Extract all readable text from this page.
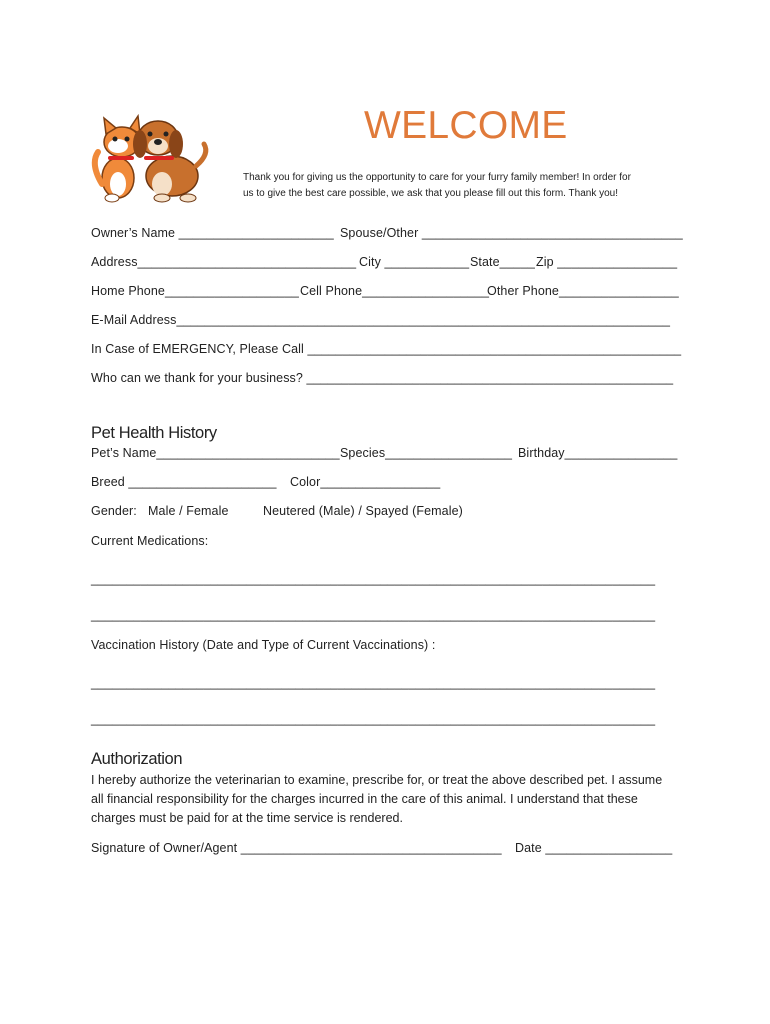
WELCOME
Thank you for giving us the opportunity to care for your furry family member! In order for
us to give the best care possible, we ask that you please fill out this form. Thank you!
Owner’s Name ______________________ Spouse/Other _____________________________________
Address_______________________________ City ____________ State_____ Zip _________________
Home Phone___________________ Cell Phone__________________
Other Phone_________________
E-Mail Address______________________________________________________________________
In Case of EMERGENCY, Please Call _____________________________________________________
Who can we thank for your business? ____________________________________________________
Pet Health History
Pet’s Name__________________________ Species__________________ Birthday________________
Breed _____________________ Color_________________
Gender: Male / Female	Neutered (Male) / Spayed (Female)
Current Medications:
________________________________________________________________________________
________________________________________________________________________________
Vaccination History (Date and Type of Current Vaccinations) :
________________________________________________________________________________
________________________________________________________________________________
Authorization
I hereby authorize the veterinarian to examine, prescribe for, or treat the above described pet. I assume
all financial responsibility for the charges incurred in the care of this animal. I understand that these
charges must be paid for at the time service is rendered.
Signature of Owner/Agent _____________________________________ Date __________________
